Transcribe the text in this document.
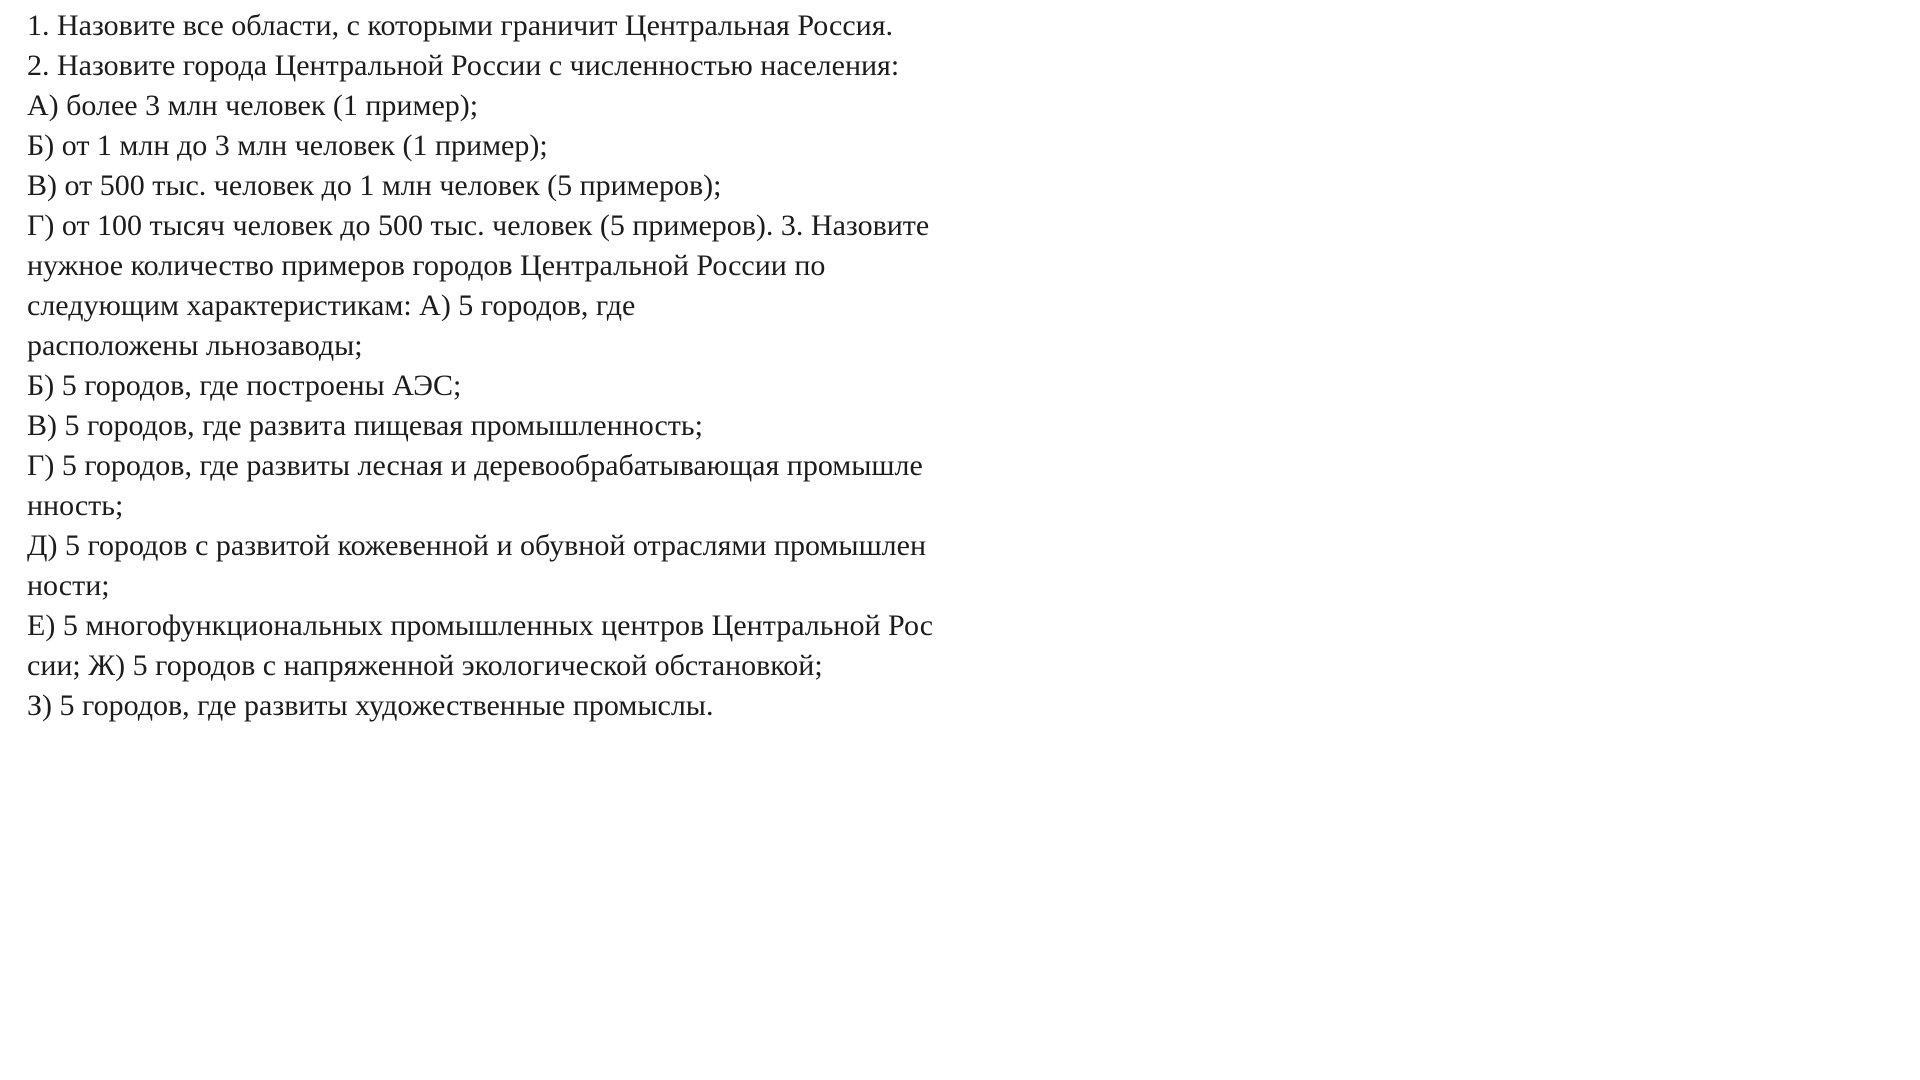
1. Назовите все области, с которыми граничит Центральная Россия.
2. Назовите города Центральной России с численностью населения:
А) более 3 млн человек (1 пример);
Б) от 1 млн до 3 млн человек (1 пример);
В) от 500 тыс. человек до 1 млн человек (5 примеров);
Г) от 100 тысяч человек до 500 тыс. человек (5 примеров). 3. Назовите
нужное количество примеров городов Центральной России по
следующим характеристикам: А) 5 городов, где
расположены льнозаводы;
Б) 5 городов, где построены АЭС;
В) 5 городов, где развита пищевая промышленность;
Г) 5 городов, где развиты лесная и деревообрабатывающая промышле
нность;
Д) 5 городов с развитой кожевенной и обувной отраслями промышлен
ности;
Е) 5 многофункциональных промышленных центров Центральной Рос
сии; Ж) 5 городов с напряженной экологической обстановкой;
З) 5 городов, где развиты художественные промыслы.
